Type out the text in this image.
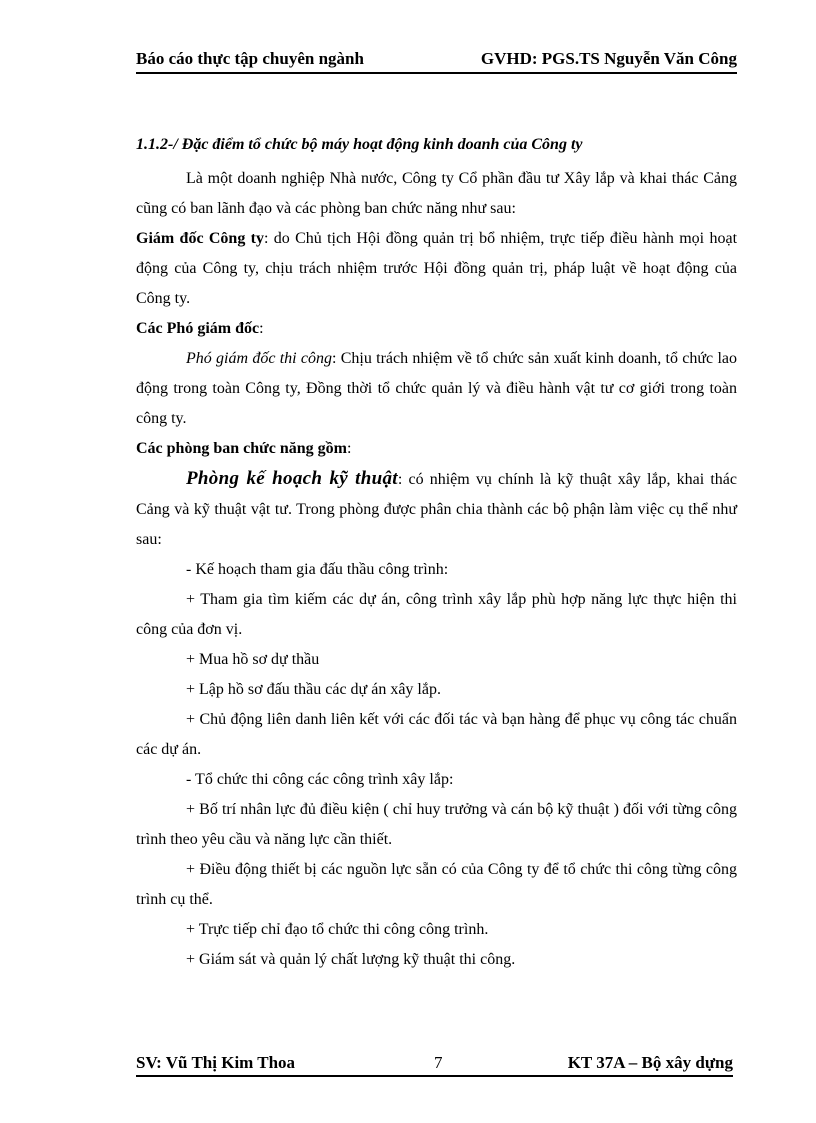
Báo cáo thực tập chuyên ngành	GVHD: PGS.TS Nguyễn Văn Công

1.1.2-/ Đặc điểm tổ chức bộ máy hoạt động kinh doanh của Công ty

Là một doanh nghiệp Nhà nước, Công ty Cổ phần đầu tư Xây lắp và khai thác Cảng cũng có ban lãnh đạo và các phòng ban chức năng như sau:

Giám đốc Công ty: do Chủ tịch Hội đồng quản trị bổ nhiệm, trực tiếp điều hành mọi hoạt động của Công ty, chịu trách nhiệm trước Hội đồng quản trị, pháp luật về hoạt động của Công ty.

Các Phó giám đốc:

Phó giám đốc thi công: Chịu trách nhiệm về tổ chức sản xuất kinh doanh, tổ chức lao động trong toàn Công ty, Đồng thời tổ chức quản lý và điều hành vật tư cơ giới trong toàn công ty.

Các phòng ban chức năng gồm:

Phòng kế hoạch kỹ thuật: có nhiệm vụ chính là kỹ thuật xây lắp, khai thác Cảng và kỹ thuật vật tư. Trong phòng được phân chia thành các bộ phận làm việc cụ thể như sau:

- Kế hoạch tham gia đấu thầu công trình:

+ Tham gia tìm kiếm các dự án, công trình xây lắp phù hợp năng lực thực hiện thi công của đơn vị.

+ Mua hồ sơ dự thầu

+ Lập hồ sơ đấu thầu các dự án xây lắp.

+ Chủ động liên danh liên kết với các đối tác và bạn hàng để phục vụ công tác chuẩn các dự án.

- Tổ chức thi công các công trình xây lắp:

+ Bố trí nhân lực đủ điều kiện ( chỉ huy trưởng và cán bộ kỹ thuật ) đối với từng công trình theo yêu cầu và năng lực cần thiết.

+ Điều động thiết bị các nguồn lực sẵn có của Công ty để tổ chức thi công từng công trình cụ thể.

+ Trực tiếp chỉ đạo tổ chức thi công công trình.

+ Giám sát và quản lý chất lượng kỹ thuật thi công.

SV: Vũ Thị Kim Thoa	7	KT 37A – Bộ xây dựng
